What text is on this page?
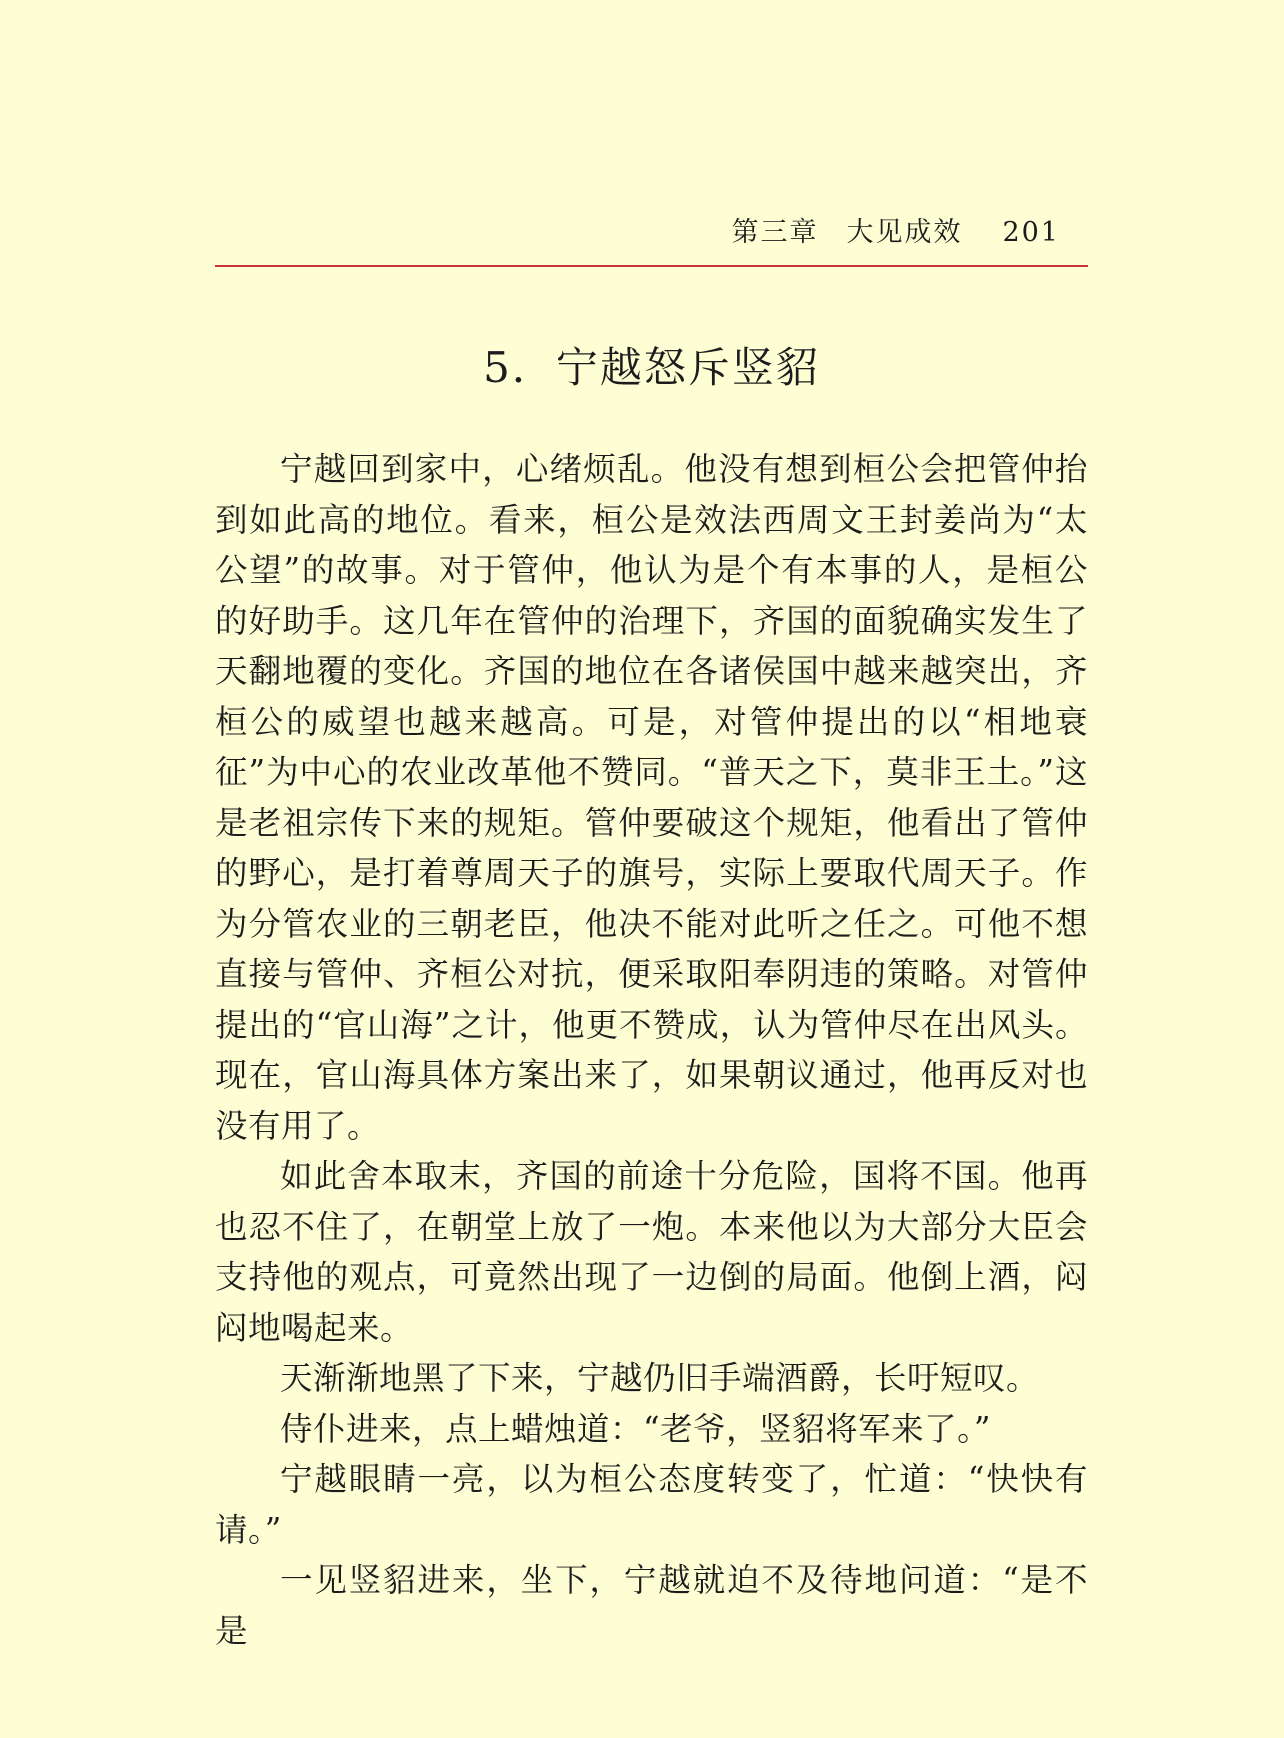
第三章 大见成效 201
5．宁越怒斥竖貂

宁越回到家中，心绪烦乱。他没有想到桓公会把管仲抬到如此高的地位。看来，桓公是效法西周文王封姜尚为“太公望”的故事。对于管仲，他认为是个有本事的人，是桓公的好助手。这几年在管仲的治理下，齐国的面貌确实发生了天翻地覆的变化。齐国的地位在各诸侯国中越来越突出，齐桓公的威望也越来越高。可是，对管仲提出的以“相地衰征”为中心的农业改革他不赞同。“普天之下，莫非王土。”这是老祖宗传下来的规矩。管仲要破这个规矩，他看出了管仲的野心，是打着尊周天子的旗号，实际上要取代周天子。作为分管农业的三朝老臣，他决不能对此听之任之。可他不想直接与管仲、齐桓公对抗，便采取阳奉阴违的策略。对管仲提出的“官山海”之计，他更不赞成，认为管仲尽在出风头。现在，官山海具体方案出来了，如果朝议通过，他再反对也没有用了。

如此舍本取末，齐国的前途十分危险，国将不国。他再也忍不住了，在朝堂上放了一炮。本来他以为大部分大臣会支持他的观点，可竟然出现了一边倒的局面。他倒上酒，闷闷地喝起来。

天渐渐地黑了下来，宁越仍旧手端酒爵，长吁短叹。

侍仆进来，点上蜡烛道：“老爷，竖貂将军来了。”

宁越眼睛一亮，以为桓公态度转变了，忙道：“快快有请。”

一见竖貂进来，坐下，宁越就迫不及待地问道：“是不是
